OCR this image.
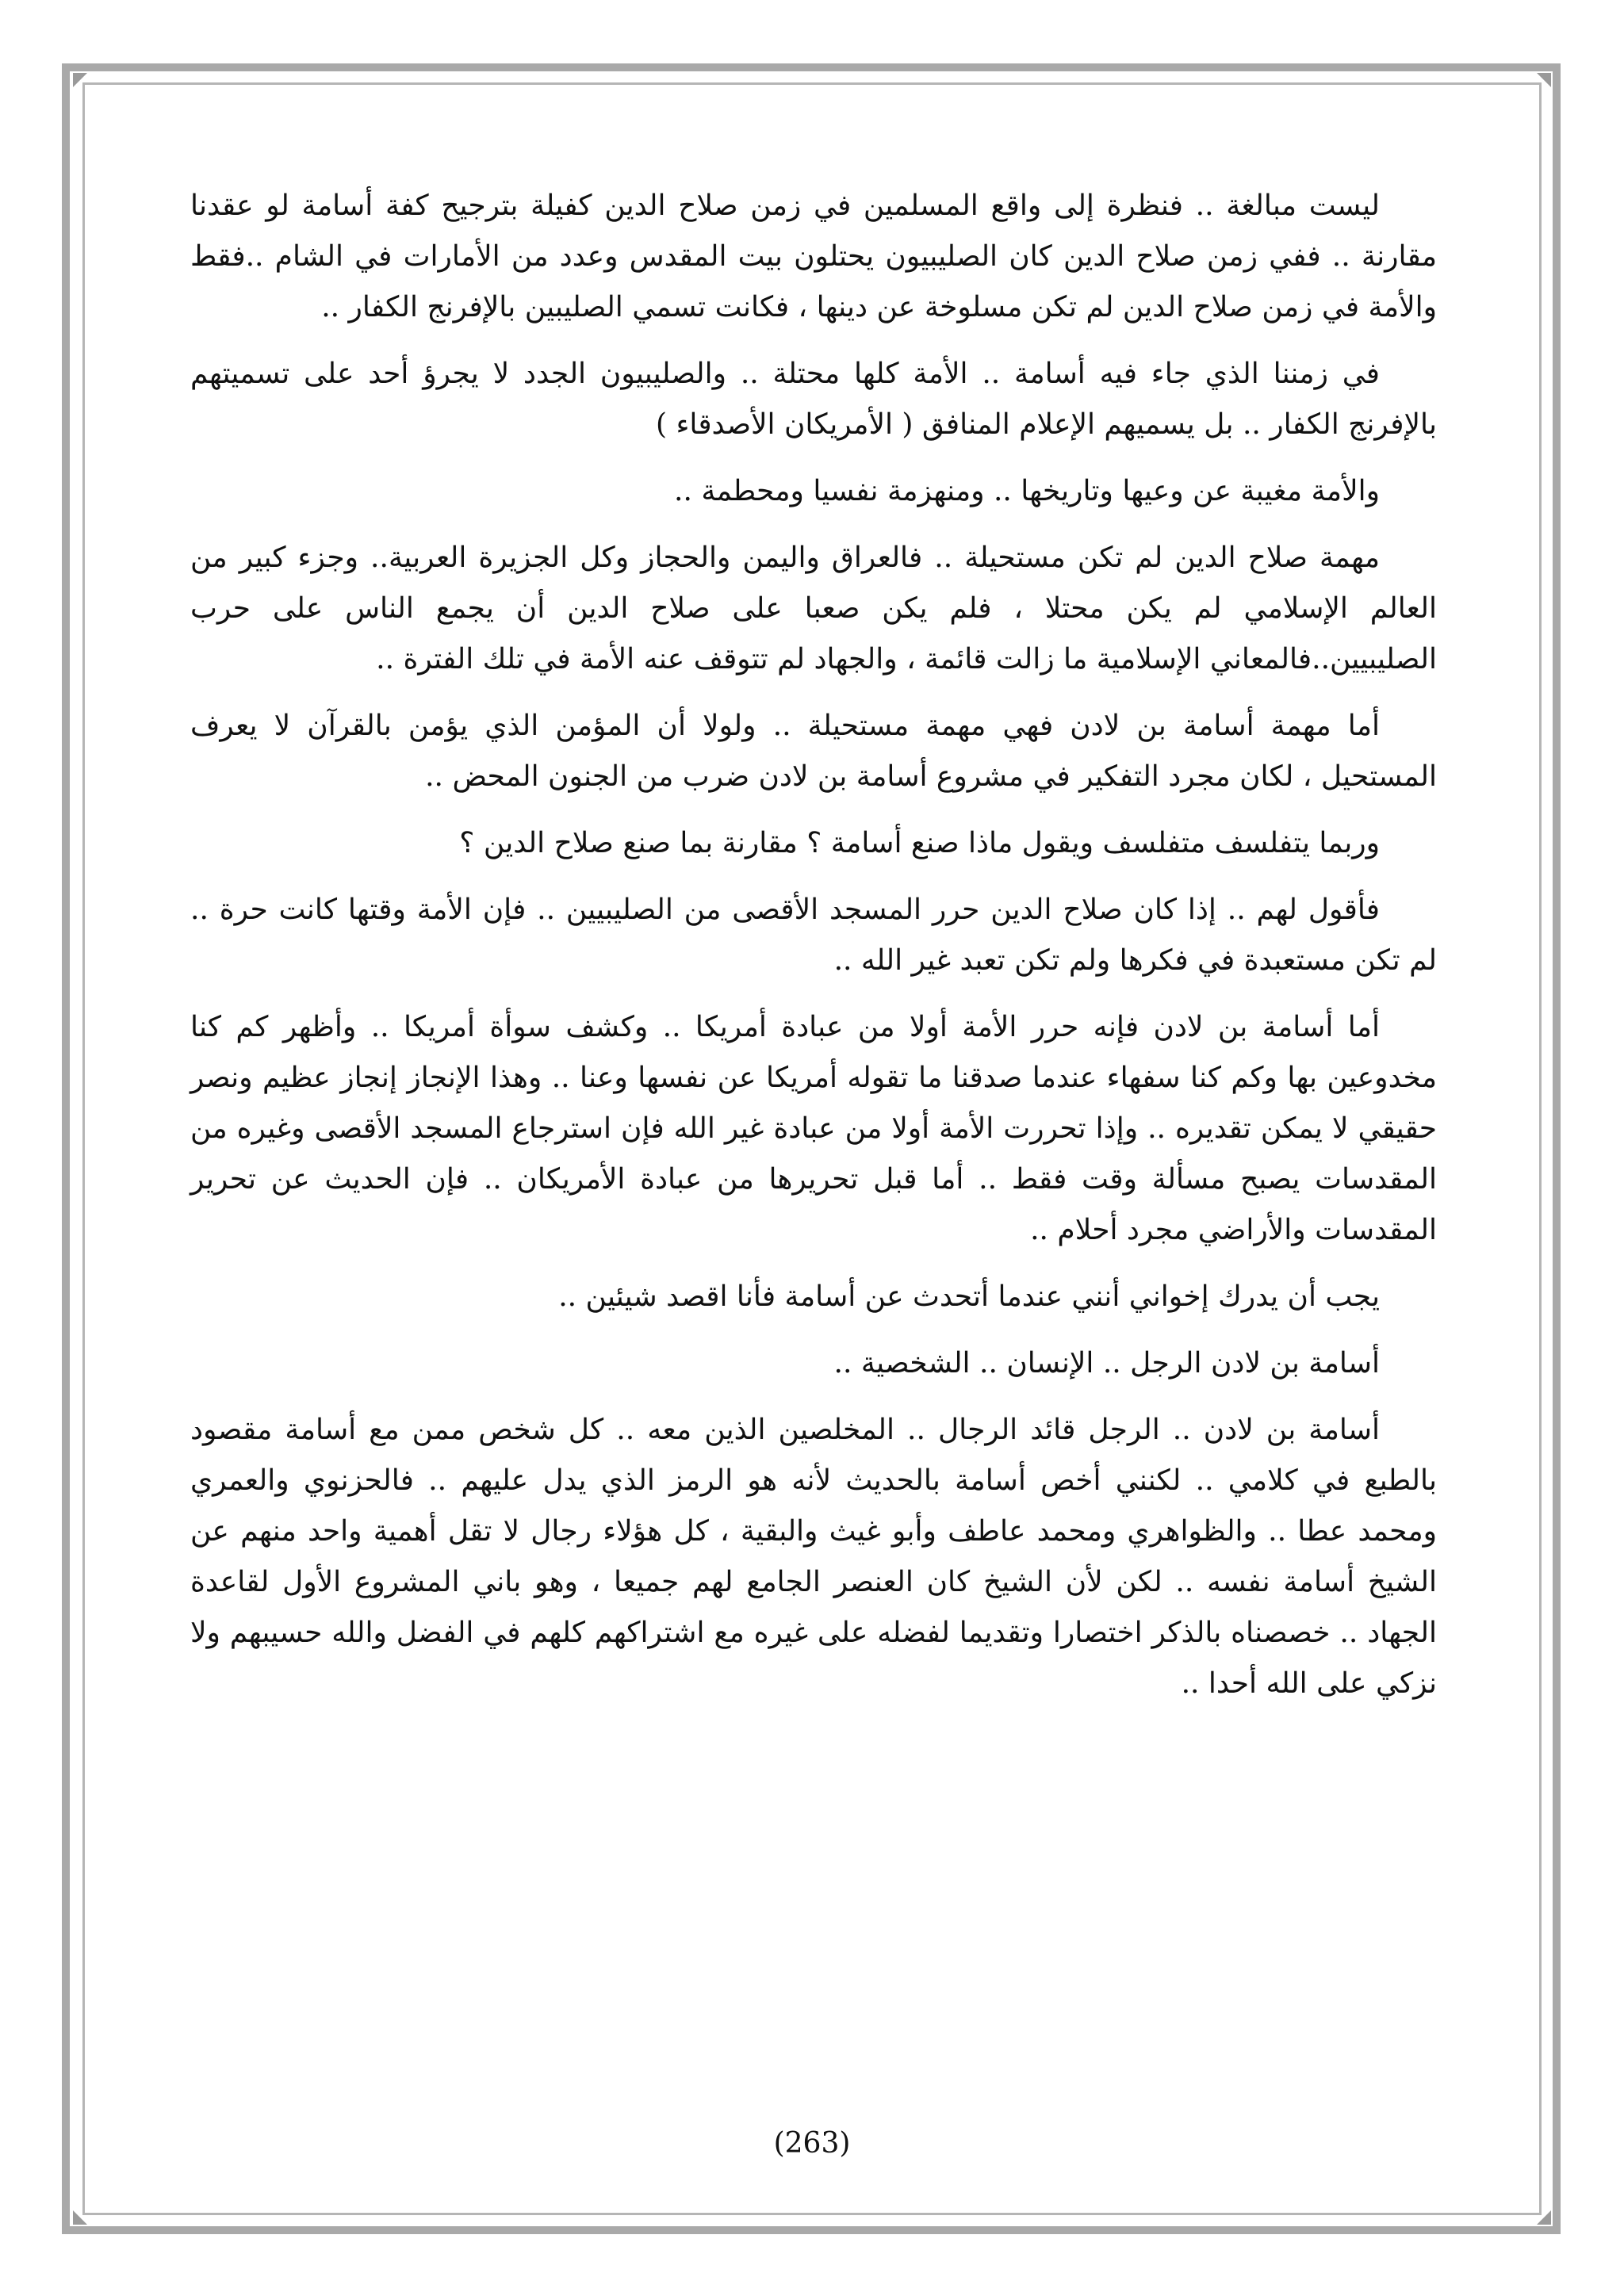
ليست مبالغة .. فنظرة إلى واقع المسلمين في زمن صلاح الدين كفيلة بترجيح كفة أسامة لو عقدنا مقارنة .. ففي زمن صلاح الدين كان الصليبيون يحتلون بيت المقدس وعدد من الأمارات في الشام ..فقط والأمة في زمن صلاح الدين لم تكن مسلوخة عن دينها ، فكانت تسمي الصليبين بالإفرنج الكفار ..

في زمننا الذي جاء فيه أسامة .. الأمة كلها محتلة .. والصليبيون الجدد لا يجرؤ أحد على تسميتهم بالإفرنج الكفار .. بل يسميهم الإعلام المنافق ( الأمريكان الأصدقاء )

والأمة مغيبة عن وعيها وتاريخها .. ومنهزمة نفسيا ومحطمة ..

مهمة صلاح الدين لم تكن مستحيلة .. فالعراق واليمن والحجاز وكل الجزيرة العربية.. وجزء كبير من العالم الإسلامي لم يكن محتلا ، فلم يكن صعبا على صلاح الدين أن يجمع الناس على حرب الصليبيين..فالمعاني الإسلامية ما زالت قائمة ، والجهاد لم تتوقف عنه الأمة في تلك الفترة ..

أما مهمة أسامة بن لادن فهي مهمة مستحيلة .. ولولا أن المؤمن الذي يؤمن بالقرآن لا يعرف المستحيل ، لكان مجرد التفكير في مشروع أسامة بن لادن ضرب من الجنون المحض ..

وربما يتفلسف متفلسف ويقول ماذا صنع أسامة ؟ مقارنة بما صنع صلاح الدين ؟

فأقول لهم .. إذا كان صلاح الدين حرر المسجد الأقصى من الصليبيين .. فإن الأمة وقتها كانت حرة .. لم تكن مستعبدة في فكرها ولم تكن تعبد غير الله ..

أما أسامة بن لادن فإنه حرر الأمة أولا من عبادة أمريكا .. وكشف سوأة أمريكا .. وأظهر كم كنا مخدوعين بها وكم كنا سفهاء عندما صدقنا ما تقوله أمريكا عن نفسها وعنا .. وهذا الإنجاز إنجاز عظيم ونصر حقيقي لا يمكن تقديره .. وإذا تحررت الأمة أولا من عبادة غير الله فإن استرجاع المسجد الأقصى وغيره من المقدسات يصبح مسألة وقت فقط .. أما قبل تحريرها من عبادة الأمريكان .. فإن الحديث عن تحرير المقدسات والأراضي مجرد أحلام ..

يجب أن يدرك إخواني أنني عندما أتحدث عن أسامة فأنا اقصد شيئين ..

أسامة بن لادن الرجل .. الإنسان .. الشخصية ..

أسامة بن لادن .. الرجل قائد الرجال .. المخلصين الذين معه .. كل شخص ممن مع أسامة مقصود بالطبع في كلامي .. لكنني أخص أسامة بالحديث لأنه هو الرمز الذي يدل عليهم .. فالحزنوي والعمري ومحمد عطا .. والظواهري ومحمد عاطف وأبو غيث والبقية ، كل هؤلاء رجال لا تقل أهمية واحد منهم عن الشيخ أسامة نفسه .. لكن لأن الشيخ كان العنصر الجامع لهم جميعا ، وهو باني المشروع الأول لقاعدة الجهاد .. خصصناه بالذكر اختصارا وتقديما لفضله على غيره مع اشتراكهم كلهم في الفضل والله حسيبهم ولا نزكي على الله أحدا ..

(263)
